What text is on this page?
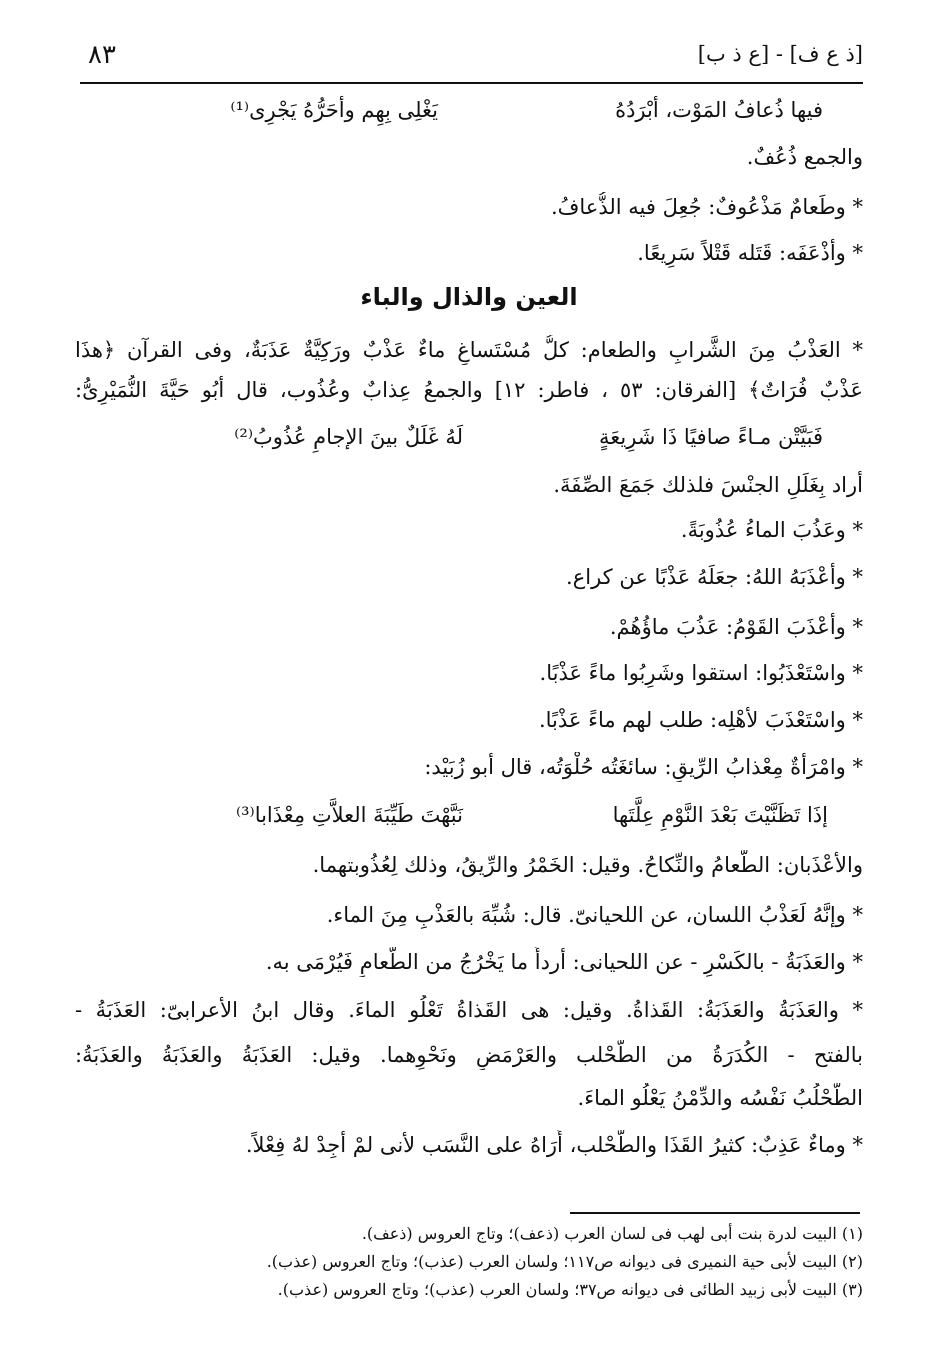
٨٣	[ذ ع ف] - [ع ذ ب]
فيها ذُعافُ المَوْت، أبْرَدُهُ
يَغْلِى بِهِم وأحَرُّهُ يَجْرِى⁽¹⁾
والجمع ذُعُفٌ.
* وطَعامٌ مَذْعُوفٌ: جُعِلَ فيه الذُّعافُ.
* وأذْعَفَه: قَتَله قَتْلاً سَرِيعًا.
العين والذال والباء
* العَذْبُ مِنَ الشَّرابِ والطعام: كلُّ مُسْتَساغٍ ماءٌ عَذْبٌ ورَكِيَّةٌ عَذَبَةٌ، وفى القرآن ﴿هذَا
عَذْبٌ فُرَاتٌ﴾ [الفرقان: ٥٣ ، فاطر: ١٢] والجمعُ عِذابٌ وعُذُوب، قال أبُو حَيَّةَ النُّمَيْرِىُّ:
فَبَيَّتْن مـاءً صافيًا ذَا شَرِيعَةٍ
لَهُ غَلَلٌ بينَ الإجامِ عُذُوبُ⁽²⁾
أراد بِغَلَلِ الجنْسَ فلذلك جَمَعَ الصِّفَةَ.
* وعَذُبَ الماءُ عُذُوبَةً.
* وأعْذَبَهُ اللهُ: جعَلَهُ عَذْبًا عن كراع.
* وأعْذَبَ القَوْمُ: عَذُبَ ماؤُهُمْ.
* واسْتَعْذَبُوا: استقوا وشَرِبُوا ماءً عَذْبًا.
* واسْتَعْذَبَ لأهْلِه: طلب لهم ماءً عَذْبًا.
* وامْرَأةٌ مِعْذابُ الرِّيقِ: سائغَتُه حُلْوَتُه، قال أبو زُبَيْد:
إذَا تَظَنَّيْتَ بَعْدَ النَّوْمِ عِلَّتَها
نَبَّهْتَ طَيِّبَةَ العلاَّتِ مِعْذَابا⁽³⁾
والأعْذَبان: الطَّعامُ والنِّكاحُ. وقيل: الخَمْرُ والرِّيقُ، وذلك لِعُذُوبتهما.
* وإنَّهُ لَعَذْبُ اللسان، عن اللحيانىّ. قال: شُبِّهَ بالعَذْبِ مِنَ الماء.
* والعَذَبَةُ - بالكَسْرِ - عن اللحيانى: أردأُ ما يَخْرُجُ من الطَّعامِ فَيُرْمَى به.
* والعَذَبَةُ والعَذَبَةُ: القَذاةُ. وقيل: هى القَذاةُ تَعْلُو الماءَ. وقال ابنُ الأعرابىّ: العَذَبَةُ -
بالفتح - الكُدَرَةُ من الطُّحْلب والعَرْمَضِ ونَحْوِهما. وقيل: العَذَبَةُ والعَذَبَةُ والعَذَبَةُ:
الطُّحْلُبُ نَفْسُه والدِّمْنُ يَعْلُو الماءَ.
* وماءٌ عَذِبٌ: كثيرُ القَذَا والطُّحْلب، أُرَاهُ على النَّسَب لأنى لمْ أجِدْ لهُ فِعْلاً.
(١) البيت لدرة بنت أبى لهب فى لسان العرب (ذعف)؛ وتاج العروس (ذعف).
(٢) البيت لأبى حية النميرى فى ديوانه ص١١٧؛ ولسان العرب (عذب)؛ وتاج العروس (عذب).
(٣) البيت لأبى زبيد الطائى فى ديوانه ص٣٧؛ ولسان العرب (عذب)؛ وتاج العروس (عذب).
